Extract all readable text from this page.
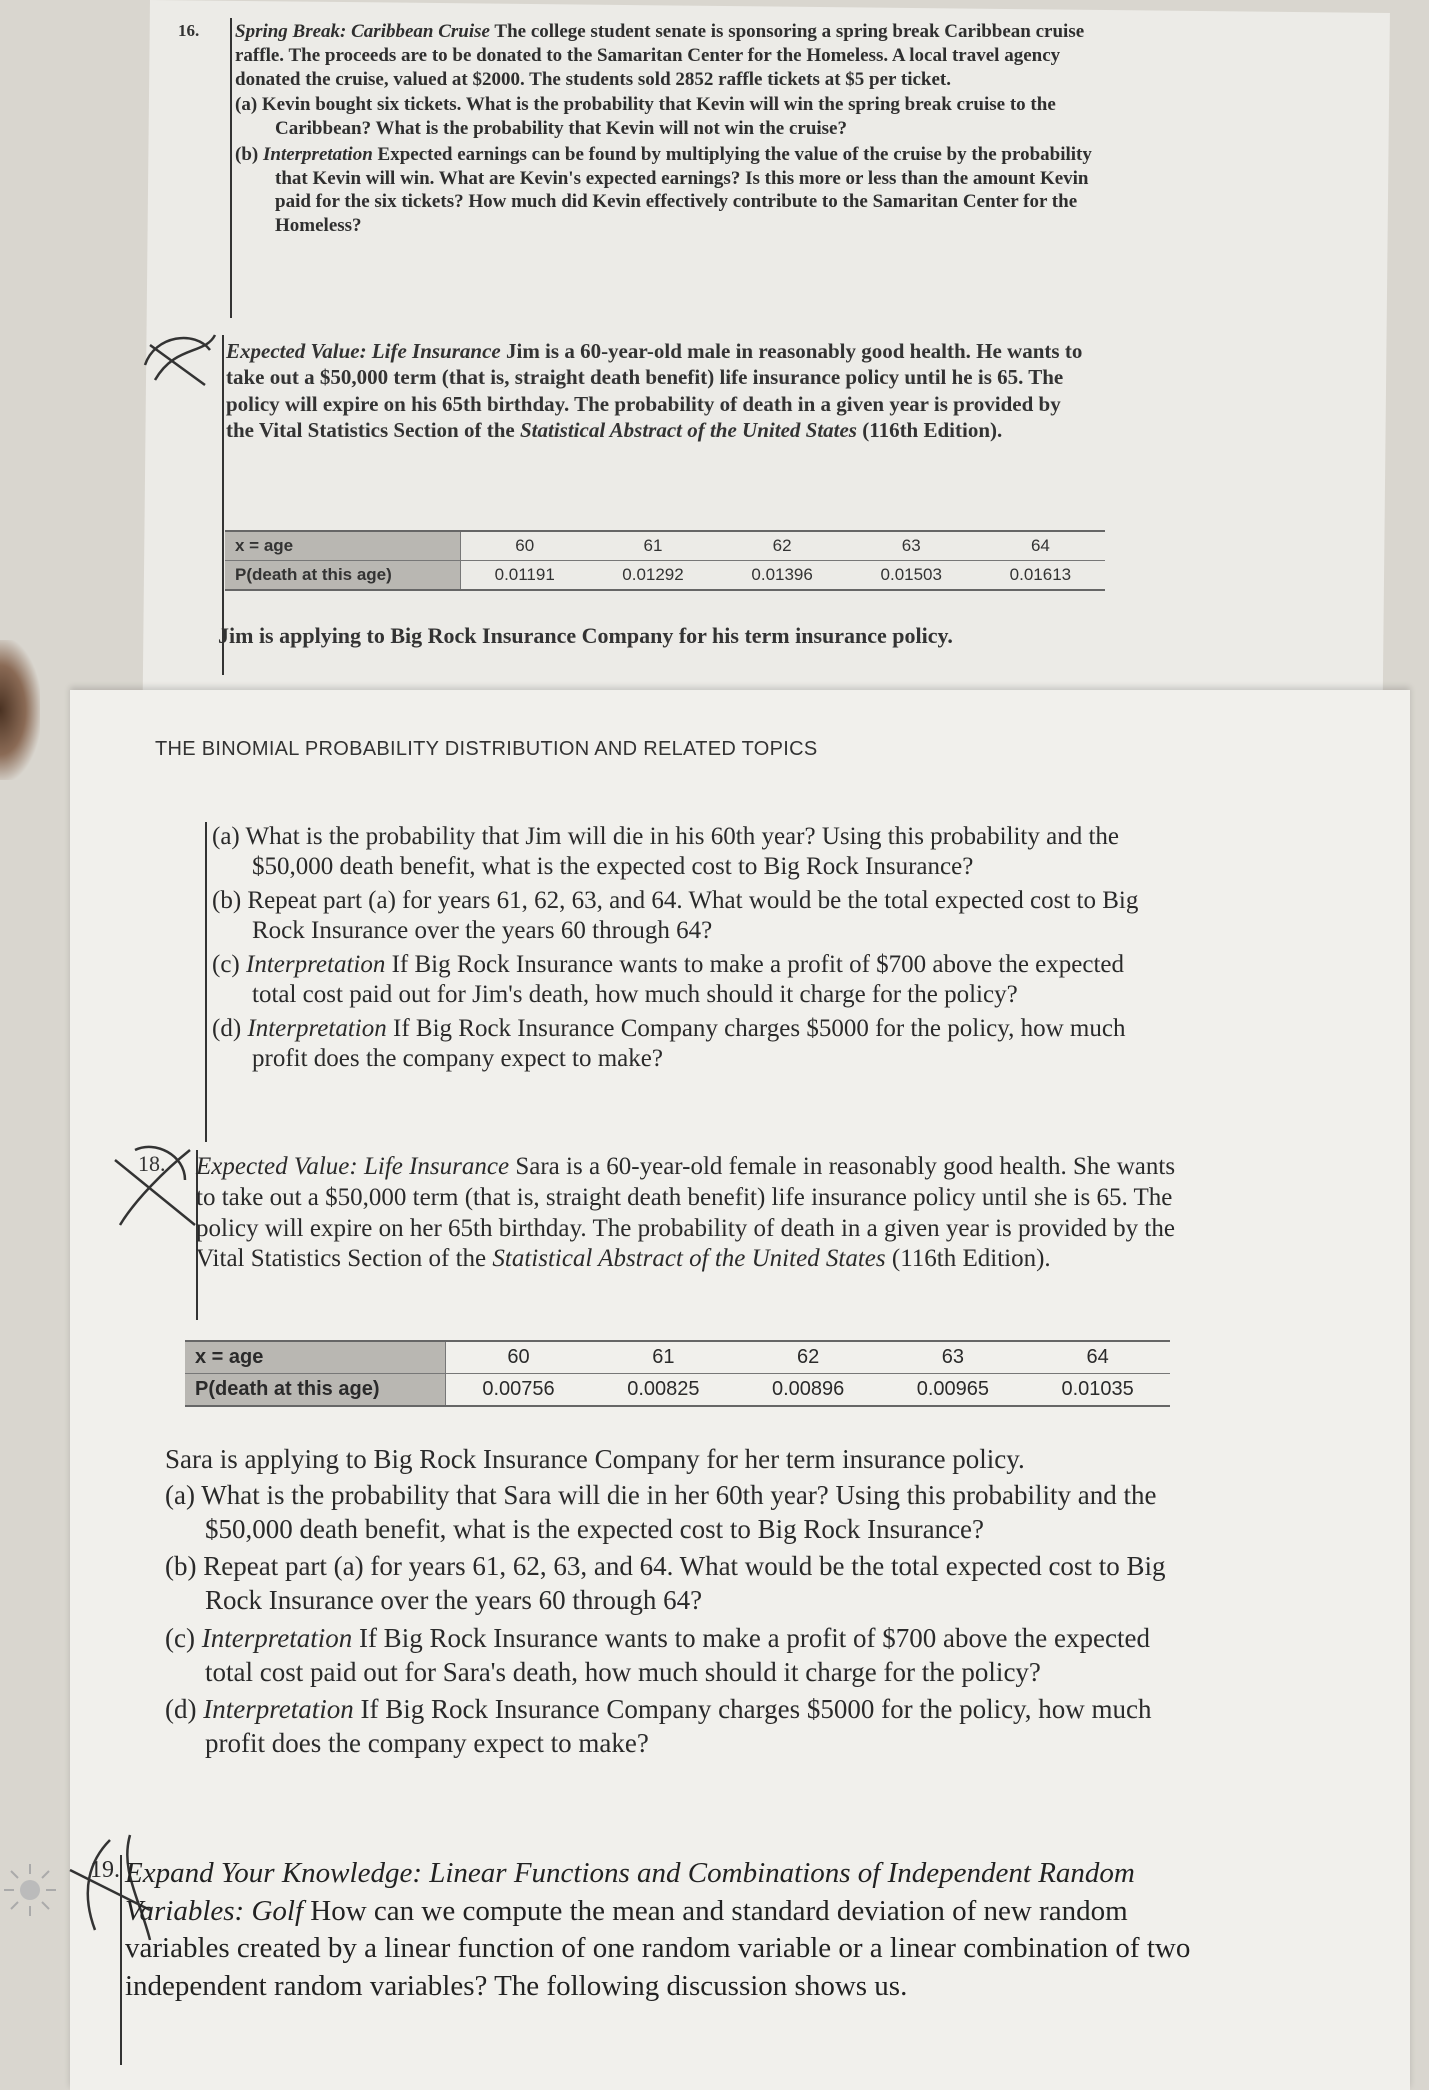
16. Spring Break: Caribbean Cruise The college student senate is sponsoring a spring break Caribbean cruise raffle. The proceeds are to be donated to the Samaritan Center for the Homeless. A local travel agency donated the cruise, valued at $2000. The students sold 2852 raffle tickets at $5 per ticket.
(a) Kevin bought six tickets. What is the probability that Kevin will win the spring break cruise to the Caribbean? What is the probability that Kevin will not win the cruise?
(b) Interpretation Expected earnings can be found by multiplying the value of the cruise by the probability that Kevin will win. What are Kevin's expected earnings? Is this more or less than the amount Kevin paid for the six tickets? How much did Kevin effectively contribute to the Samaritan Center for the Homeless?
Expected Value: Life Insurance Jim is a 60-year-old male in reasonably good health. He wants to take out a $50,000 term (that is, straight death benefit) life insurance policy until he is 65. The policy will expire on his 65th birthday. The probability of death in a given year is provided by the Vital Statistics Section of the Statistical Abstract of the United States (116th Edition).
x = age	60	61	62	63	64
P(death at this age)	0.01191	0.01292	0.01396	0.01503	0.01613
Jim is applying to Big Rock Insurance Company for his term insurance policy.
THE BINOMIAL PROBABILITY DISTRIBUTION AND RELATED TOPICS
(a) What is the probability that Jim will die in his 60th year? Using this probability and the $50,000 death benefit, what is the expected cost to Big Rock Insurance?
(b) Repeat part (a) for years 61, 62, 63, and 64. What would be the total expected cost to Big Rock Insurance over the years 60 through 64?
(c) Interpretation If Big Rock Insurance wants to make a profit of $700 above the expected total cost paid out for Jim's death, how much should it charge for the policy?
(d) Interpretation If Big Rock Insurance Company charges $5000 for the policy, how much profit does the company expect to make?
18. Expected Value: Life Insurance Sara is a 60-year-old female in reasonably good health. She wants to take out a $50,000 term (that is, straight death benefit) life insurance policy until she is 65. The policy will expire on her 65th birthday. The probability of death in a given year is provided by the Vital Statistics Section of the Statistical Abstract of the United States (116th Edition).
x = age	60	61	62	63	64
P(death at this age)	0.00756	0.00825	0.00896	0.00965	0.01035
Sara is applying to Big Rock Insurance Company for her term insurance policy.
(a) What is the probability that Sara will die in her 60th year? Using this probability and the $50,000 death benefit, what is the expected cost to Big Rock Insurance?
(b) Repeat part (a) for years 61, 62, 63, and 64. What would be the total expected cost to Big Rock Insurance over the years 60 through 64?
(c) Interpretation If Big Rock Insurance wants to make a profit of $700 above the expected total cost paid out for Sara's death, how much should it charge for the policy?
(d) Interpretation If Big Rock Insurance Company charges $5000 for the policy, how much profit does the company expect to make?
19. Expand Your Knowledge: Linear Functions and Combinations of Independent Random Variables: Golf How can we compute the mean and standard deviation of new random variables created by a linear function of one random variable or a linear combination of two independent random variables? The following discussion shows us.
